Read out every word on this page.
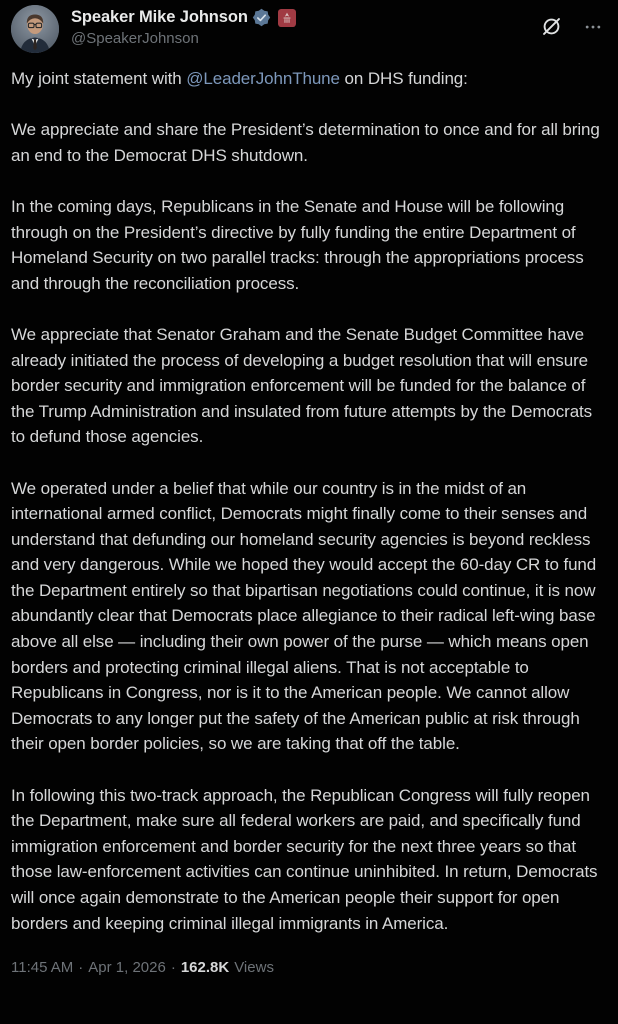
Speaker Mike Johnson
@SpeakerJohnson

My joint statement with @LeaderJohnThune on DHS funding:

We appreciate and share the President’s determination to once and for all bring an end to the Democrat DHS shutdown.

In the coming days, Republicans in the Senate and House will be following through on the President’s directive by fully funding the entire Department of Homeland Security on two parallel tracks: through the appropriations process and through the reconciliation process.

We appreciate that Senator Graham and the Senate Budget Committee have already initiated the process of developing a budget resolution that will ensure border security and immigration enforcement will be funded for the balance of the Trump Administration and insulated from future attempts by the Democrats to defund those agencies.

We operated under a belief that while our country is in the midst of an international armed conflict, Democrats might finally come to their senses and understand that defunding our homeland security agencies is beyond reckless and very dangerous. While we hoped they would accept the 60-day CR to fund the Department entirely so that bipartisan negotiations could continue, it is now abundantly clear that Democrats place allegiance to their radical left-wing base above all else — including their own power of the purse — which means open borders and protecting criminal illegal aliens. That is not acceptable to Republicans in Congress, nor is it to the American people. We cannot allow Democrats to any longer put the safety of the American public at risk through their open border policies, so we are taking that off the table.

In following this two-track approach, the Republican Congress will fully reopen the Department, make sure all federal workers are paid, and specifically fund immigration enforcement and border security for the next three years so that those law-enforcement activities can continue uninhibited. In return, Democrats will once again demonstrate to the American people their support for open borders and keeping criminal illegal immigrants in America.

11:45 AM · Apr 1, 2026 · 162.8K Views
